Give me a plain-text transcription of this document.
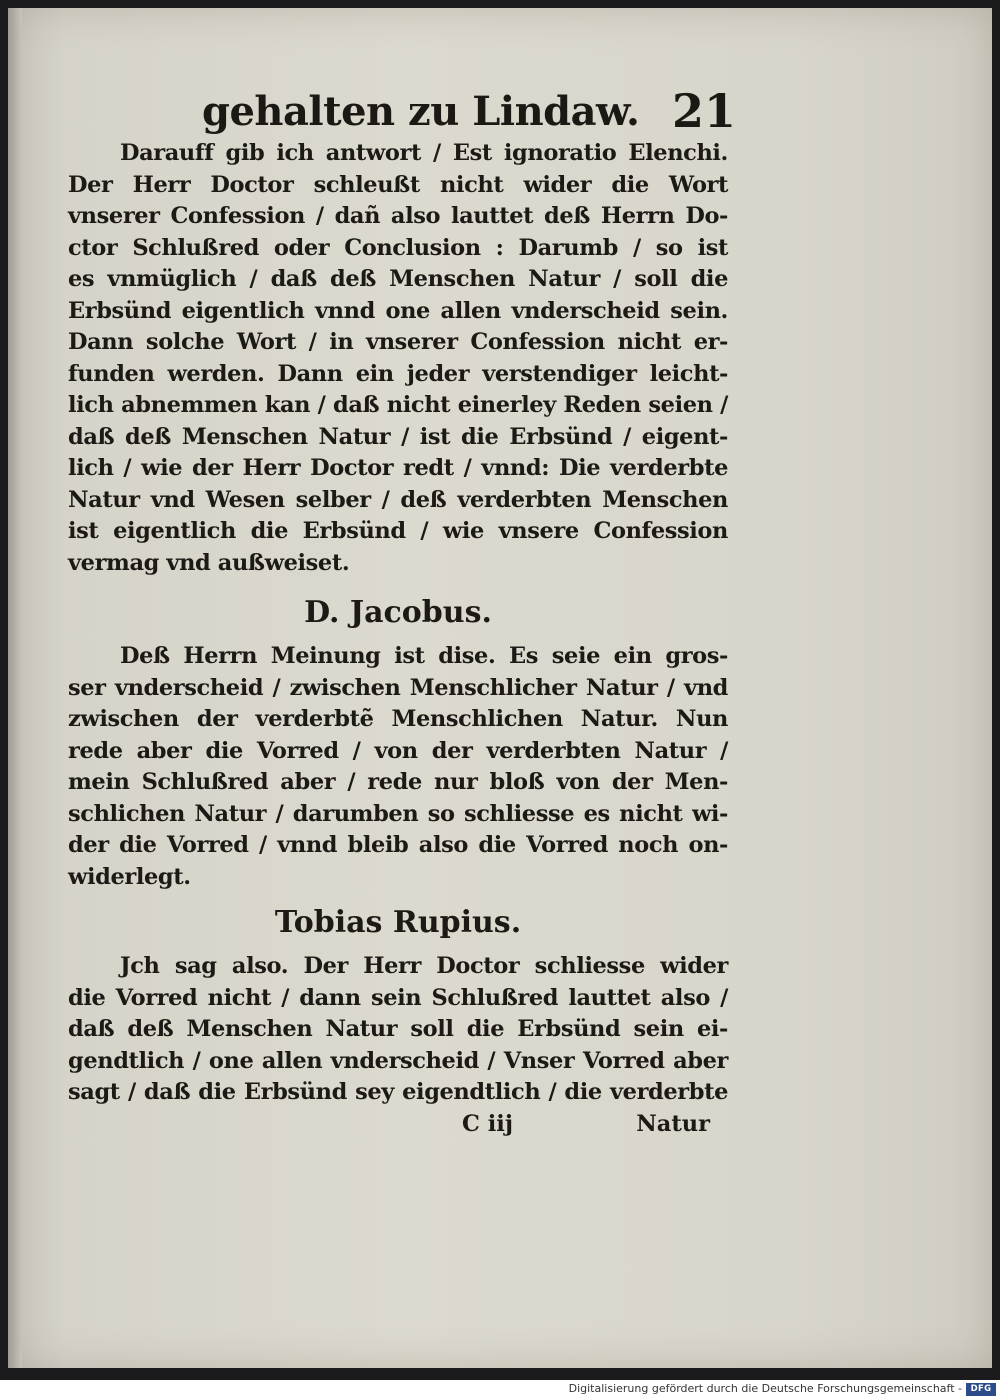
gehalten zu Lindaw. 21
Darauff gib ich antwort / Est ignoratio Elenchi.
Der Herr Doctor schleußt nicht wider die Wort
vnserer Confession / dañ also lauttet deß Herrn Do-
ctor Schlußred oder Conclusion : Darumb / so ist
es vnmüglich / daß deß Menschen Natur / soll die
Erbsünd eigentlich vnnd one allen vnderscheid sein.
Dann solche Wort / in vnserer Confession nicht er-
funden werden. Dann ein jeder verstendiger leicht-
lich abnemmen kan / daß nicht einerley Reden seien /
daß deß Menschen Natur / ist die Erbsünd / eigent-
lich / wie der Herr Doctor redt / vnnd: Die verderbte
Natur vnd Wesen selber / deß verderbten Menschen
ist eigentlich die Erbsünd / wie vnsere Confession
vermag vnd außweiset.
D. Jacobus.
Deß Herrn Meinung ist dise. Es seie ein gros-
ser vnderscheid / zwischen Menschlicher Natur / vnd
zwischen der verderbtẽ Menschlichen Natur. Nun
rede aber die Vorred / von der verderbten Natur /
mein Schlußred aber / rede nur bloß von der Men-
schlichen Natur / darumben so schliesse es nicht wi-
der die Vorred / vnnd bleib also die Vorred noch on-
widerlegt.
Tobias Rupius.
Jch sag also. Der Herr Doctor schliesse wider
die Vorred nicht / dann sein Schlußred lauttet also /
daß deß Menschen Natur soll die Erbsünd sein ei-
gendtlich / one allen vnderscheid / Vnser Vorred aber
sagt / daß die Erbsünd sey eigendtlich / die verderbte
C iij	Natur
Digitalisierung gefördert durch die Deutsche Forschungsgemeinschaft -	DFG
